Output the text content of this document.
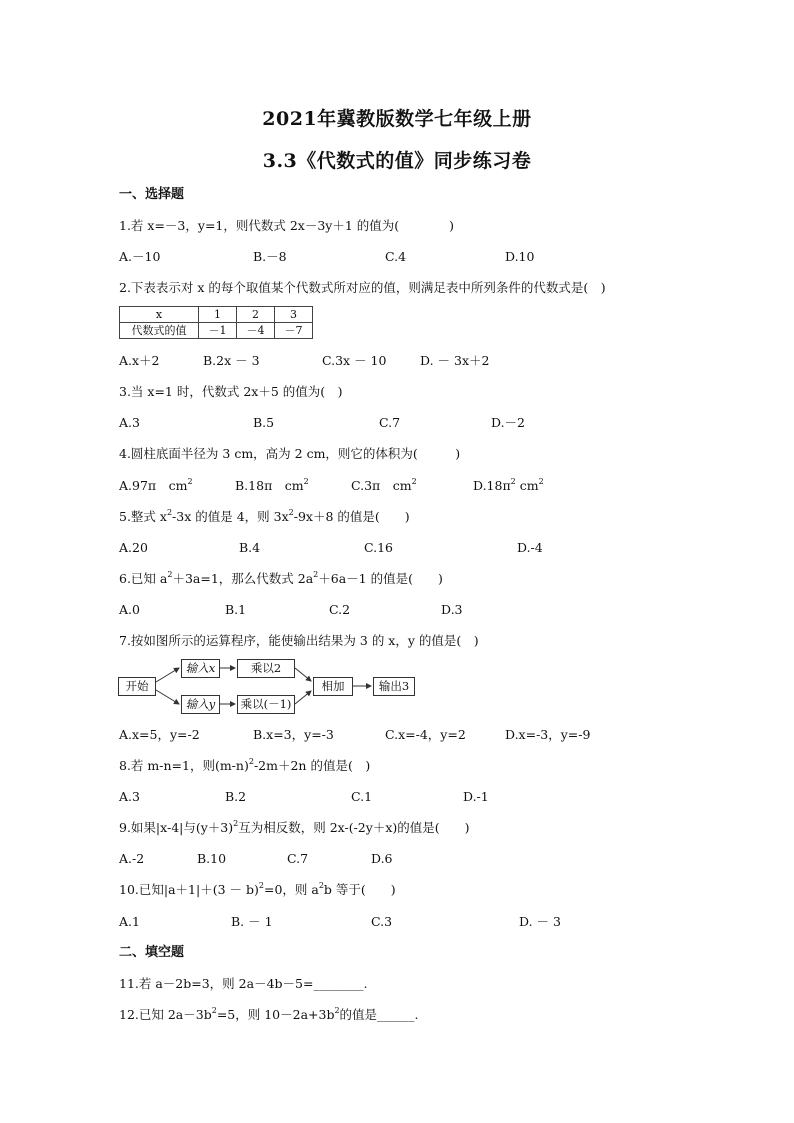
2021年冀教版数学七年级上册
3.3《代数式的值》同步练习卷
一、选择题
1.若 x=－3，y=1，则代数式 2x－3y＋1 的值为(　　　　)
A.－10	B.－8	C.4	D.10
2.下表表示对 x 的每个取值某个代数式所对应的值，则满足表中所列条件的代数式是(　)
x	1	2	3
代数式的值	－1	－4	－7
A.x＋2	B.2x － 3	C.3x － 10	D. － 3x＋2
3.当 x=1 时，代数式 2x＋5 的值为(　)
A.3	B.5	C.7	D.－2
4.圆柱底面半径为 3 cm，高为 2 cm，则它的体积为(　　　)
A.97π　$cm^2$	B.18π　$cm^2$	C.3π　$cm^2$	$D.18\pi^2$ $cm^2$
5.整式 $x^2-3x$ 的值是 4，则 $3x^2-9x+8$ 的值是(　　)
A.20	B.4	C.16	D.-4
6.已知 $a^2+3a=1$，那么代数式 $2a^2+6a-1$ 的值是(　　)
A.0	B.1	C.2	D.3
7.按如图所示的运算程序，能使输出结果为 3 的 x，y 的值是(　)
开始
输入x
输入y
乘以2
乘以(－1)
相加	输出3
A.x=5，y=-2	B.x=3，y=-3	C.x=-4，y=2	D.x=-3，y=-9
8.若 m-n=1，则$(m-n)^2-2m+2n$ 的值是(　)
A.3	B.2	C.1	D.-1
9.如果|x-4|与$(y+3)^2$互为相反数，则 2x-(-2y＋x)的值是(　　)
A.-2	B.10	C.7	D.6
10.已知$|a+1|+(3 - b)^2=0$，则 $a^2b$ 等于(　　)
A.1	B. － 1	C.3	D. － 3
二、填空题
11.若 a－2b=3，则 2a－4b－5=________.
12.已知 $2a-3b^2=5$，则 $10-2a+3b^2$的值是______.
